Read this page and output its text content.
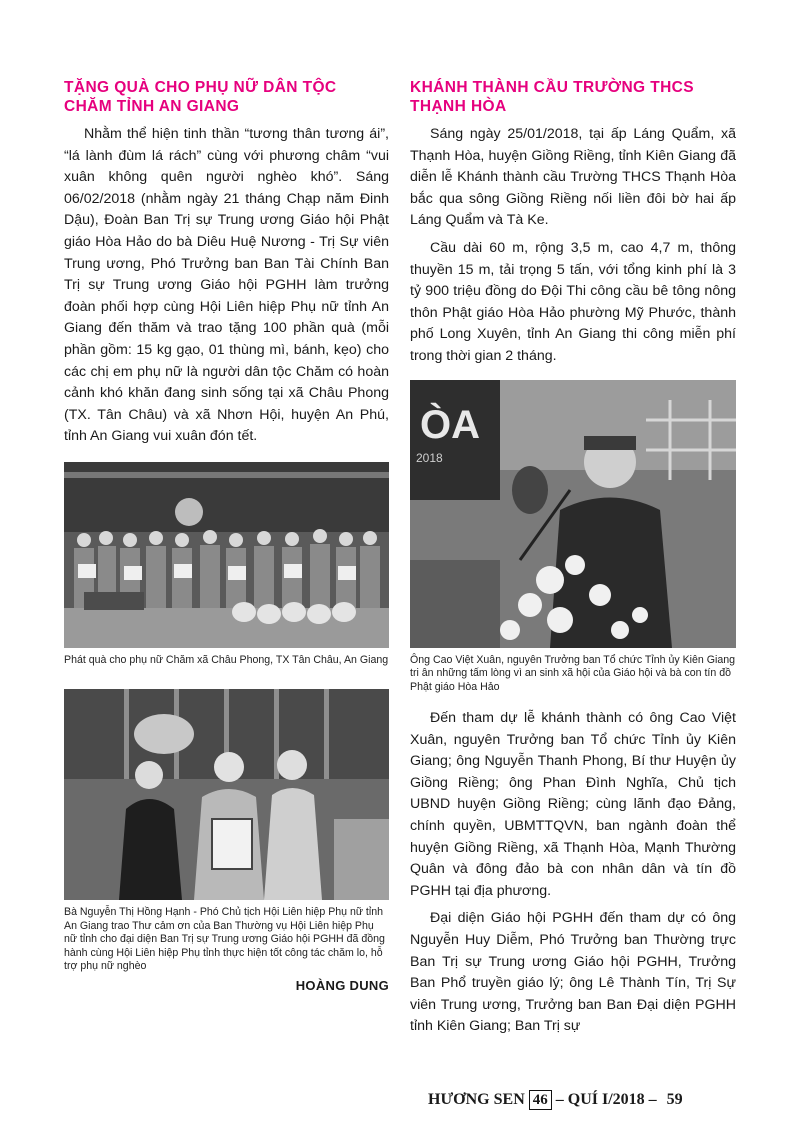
TẶNG QUÀ CHO PHỤ NỮ DÂN TỘC CHĂM TỈNH AN GIANG

Nhằm thể hiện tinh thần “tương thân tương ái”, “lá lành đùm lá rách” cùng với phương châm “vui xuân không quên người nghèo khó”. Sáng 06/02/2018 (nhằm ngày 21 tháng Chạp năm Đinh Dậu), Đoàn Ban Trị sự Trung ương Giáo hội Phật giáo Hòa Hảo do bà Diêu Huệ Nương - Trị Sự viên Trung ương, Phó Trưởng ban Ban Tài Chính Ban Trị sự Trung ương Giáo hội PGHH làm trưởng đoàn phối hợp cùng Hội Liên hiệp Phụ nữ tỉnh An Giang đến thăm và trao tặng 100 phần quà (mỗi phần gồm: 15 kg gạo, 01 thùng mì, bánh, kẹo) cho các chị em phụ nữ là người dân tộc Chăm có hoàn cảnh khó khăn đang sinh sống tại xã Châu Phong (TX. Tân Châu) và xã Nhơn Hội, huyện An Phú, tỉnh An Giang vui xuân đón tết.

Phát quà cho phụ nữ Chăm xã Châu Phong, TX Tân Châu, An Giang

Bà Nguyễn Thị Hồng Hạnh - Phó Chủ tịch Hội Liên hiệp Phụ nữ tỉnh An Giang trao Thư cảm ơn của Ban Thường vụ Hội Liên hiệp Phụ nữ tỉnh cho đại diện Ban Trị sự Trung ương Giáo hội PGHH đã đồng hành cùng Hội Liên hiệp Phụ tỉnh thực hiện tốt công tác chăm lo, hỗ trợ phụ nữ nghèo

HOÀNG DUNG
KHÁNH THÀNH CẦU TRƯỜNG THCS THẠNH HÒA

Sáng ngày 25/01/2018, tại ấp Láng Quẩm, xã Thạnh Hòa, huyện Giồng Riềng, tỉnh Kiên Giang đã diễn lễ Khánh thành cầu Trường THCS Thạnh Hòa bắc qua sông Giồng Riềng nối liền đôi bờ hai ấp Láng Quẩm và Tà Ke.

Cầu dài 60 m, rộng 3,5 m, cao 4,7 m, thông thuyền 15 m, tải trọng 5 tấn, với tổng kinh phí là 3 tỷ 900 triệu đồng do Đội Thi công cầu bê tông nông thôn Phật giáo Hòa Hảo phường Mỹ Phước, thành phố Long Xuyên, tỉnh An Giang thi công miễn phí trong thời gian 2 tháng.

ÒA
2018

Ông Cao Việt Xuân, nguyên Trưởng ban Tổ chức Tỉnh ủy Kiên Giang tri ân những tấm lòng vì an sinh xã hội của Giáo hội và bà con tín đồ Phật giáo Hòa Hảo

Đến tham dự lễ khánh thành có ông Cao Việt Xuân, nguyên Trưởng ban Tổ chức Tỉnh ủy Kiên Giang; ông Nguyễn Thanh Phong, Bí thư Huyện ủy Giồng Riềng; ông Phan Đình Nghĩa, Chủ tịch UBND huyện Giồng Riềng; cùng lãnh đạo Đảng, chính quyền, UBMTTQVN, ban ngành đoàn thể huyện Giồng Riềng, xã Thạnh Hòa, Mạnh Thường Quân và đông đảo bà con nhân dân và tín đồ PGHH tại địa phương.

Đại diện Giáo hội PGHH đến tham dự có ông Nguyễn Huy Diễm, Phó Trưởng ban Thường trực Ban Trị sự Trung ương Giáo hội PGHH, Trưởng Ban Phổ truyền giáo lý; ông Lê Thành Tín, Trị Sự viên Trung ương, Trưởng ban Ban Đại diện PGHH tỉnh Kiên Giang; Ban Trị sự

HƯƠNG SEN 46 – QUÍ I/2018 – 59
